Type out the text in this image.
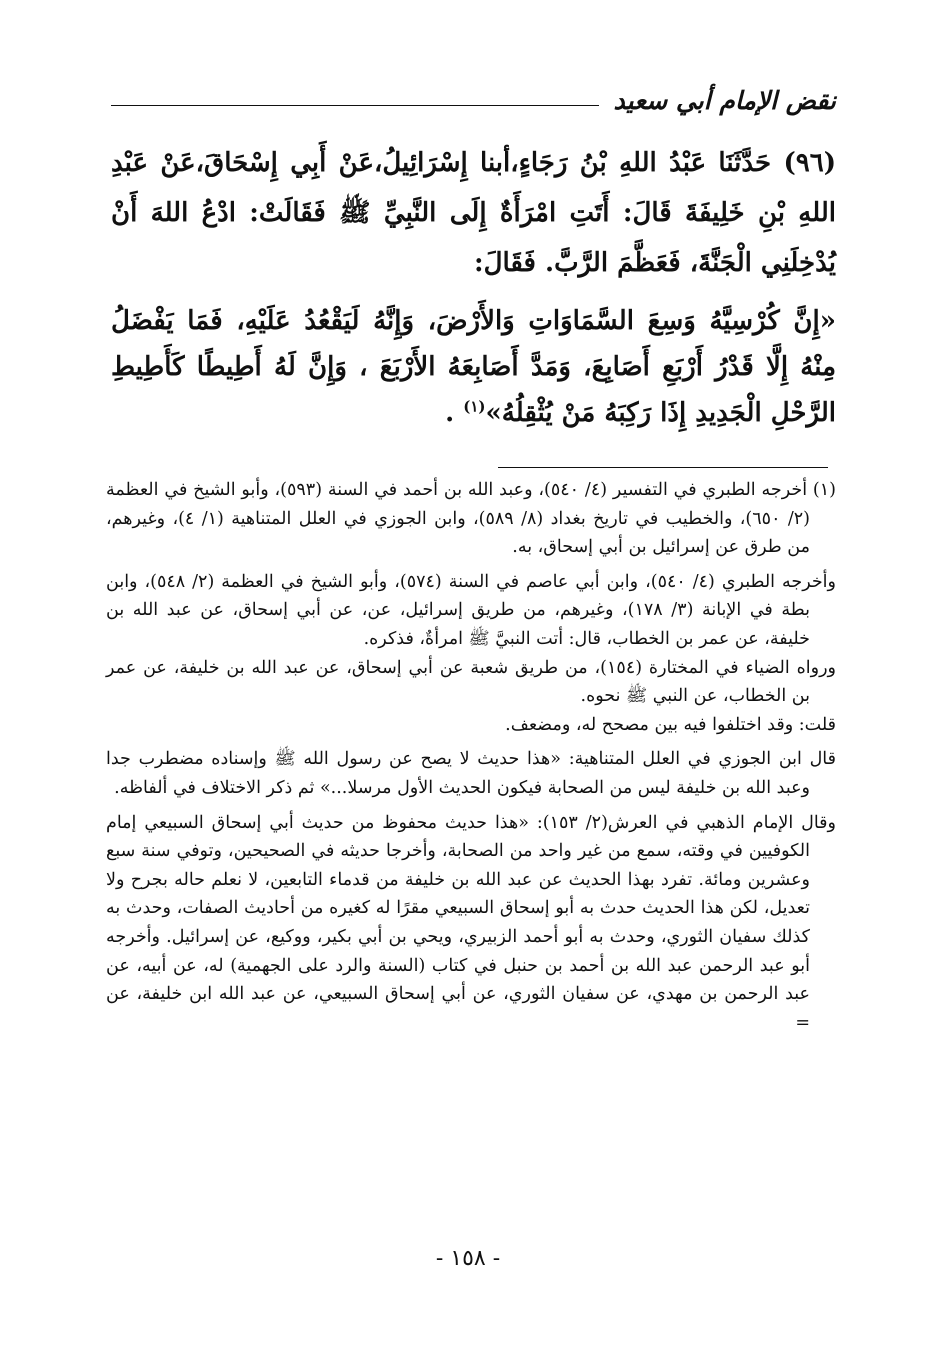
نقض الإمام أبي سعيد

(٩٦) حَدَّثَنَا عَبْدُ اللهِ بْنُ رَجَاءٍ،أبنا إِسْرَائِيلُ،عَنْ أَبِي إِسْحَاقَ،عَنْ عَبْدِ اللهِ بْنِ خَلِيفَةَ قَالَ: أَتَتِ امْرَأَةٌ إِلَى النَّبِيِّ ﷺ فَقَالَتْ: ادْعُ اللهَ أَنْ يُدْخِلَنِي الْجَنَّةَ، فَعَظَّمَ الرَّبَّ. فَقَالَ:

«إِنَّ كُرْسِيَّهُ وَسِعَ السَّمَاوَاتِ وَالأَرْضَ، وَإِنَّهُ لَيَقْعُدُ عَلَيْهِ، فَمَا يَفْضَلُ مِنْهُ إِلَّا قَدْرُ أَرْبَعِ أَصَابِعَ، وَمَدَّ أَصَابِعَهُ الأَرْبَعَ ، وَإِنَّ لَهُ أَطِيطًا كَأَطِيطِ الرَّحْلِ الْجَدِيدِ إِذَا رَكِبَهُ مَنْ يُثْقِلُهُ»$^{(١)}$ .

(١) أخرجه الطبري في التفسير (٤/ ٥٤٠)، وعبد الله بن أحمد في السنة (٥٩٣)، وأبو الشيخ في العظمة (٢/ ٦٥٠)، والخطيب في تاريخ بغداد (٨/ ٥٨٩)، وابن الجوزي في العلل المتناهية (١/ ٤)، وغيرهم، من طرق عن إسرائيل بن أبي إسحاق، به.

وأخرجه الطبري (٤/ ٥٤٠)، وابن أبي عاصم في السنة (٥٧٤)، وأبو الشيخ في العظمة (٢/ ٥٤٨)، وابن بطة في الإبانة (٣/ ١٧٨)، وغيرهم، من طريق إسرائيل، عن، عن أبي إسحاق، عن عبد الله بن خليفة، عن عمر بن الخطاب، قال: أتت النبيَّ ﷺ امرأةٌ، فذكره.

ورواه الضياء في المختارة (١٥٤)، من طريق شعبة عن أبي إسحاق، عن عبد الله بن خليفة، عن عمر بن الخطاب، عن النبي ﷺ نحوه.

قلت: وقد اختلفوا فيه بين مصحح له، ومضعف.

قال ابن الجوزي في العلل المتناهية: «هذا حديث لا يصح عن رسول الله ﷺ وإسناده مضطرب جدا وعبد الله بن خليفة ليس من الصحابة فيكون الحديث الأول مرسلا...» ثم ذكر الاختلاف في ألفاظه.

وقال الإمام الذهبي في العرش(٢/ ١٥٣): «هذا حديث محفوظ من حديث أبي إسحاق السبيعي إمام الكوفيين في وقته، سمع من غير واحد من الصحابة، وأخرجا حديثه في الصحيحين، وتوفي سنة سبع وعشرين ومائة. تفرد بهذا الحديث عن عبد الله بن خليفة من قدماء التابعين، لا نعلم حاله بجرح ولا تعديل، لكن هذا الحديث حدث به أبو إسحاق السبيعي مقرًا له كغيره من أحاديث الصفات، وحدث به كذلك سفيان الثوري، وحدث به أبو أحمد الزبيري، ويحي بن أبي بكير، ووكيع، عن إسرائيل. وأخرجه أبو عبد الرحمن عبد الله بن أحمد بن حنبل في كتاب (السنة والرد على الجهمية) له، عن أبيه، عن عبد الرحمن بن مهدي، عن سفيان الثوري، عن أبي إسحاق السبيعي، عن عبد الله ابن خليفة، عن =

- ١٥٨ -
